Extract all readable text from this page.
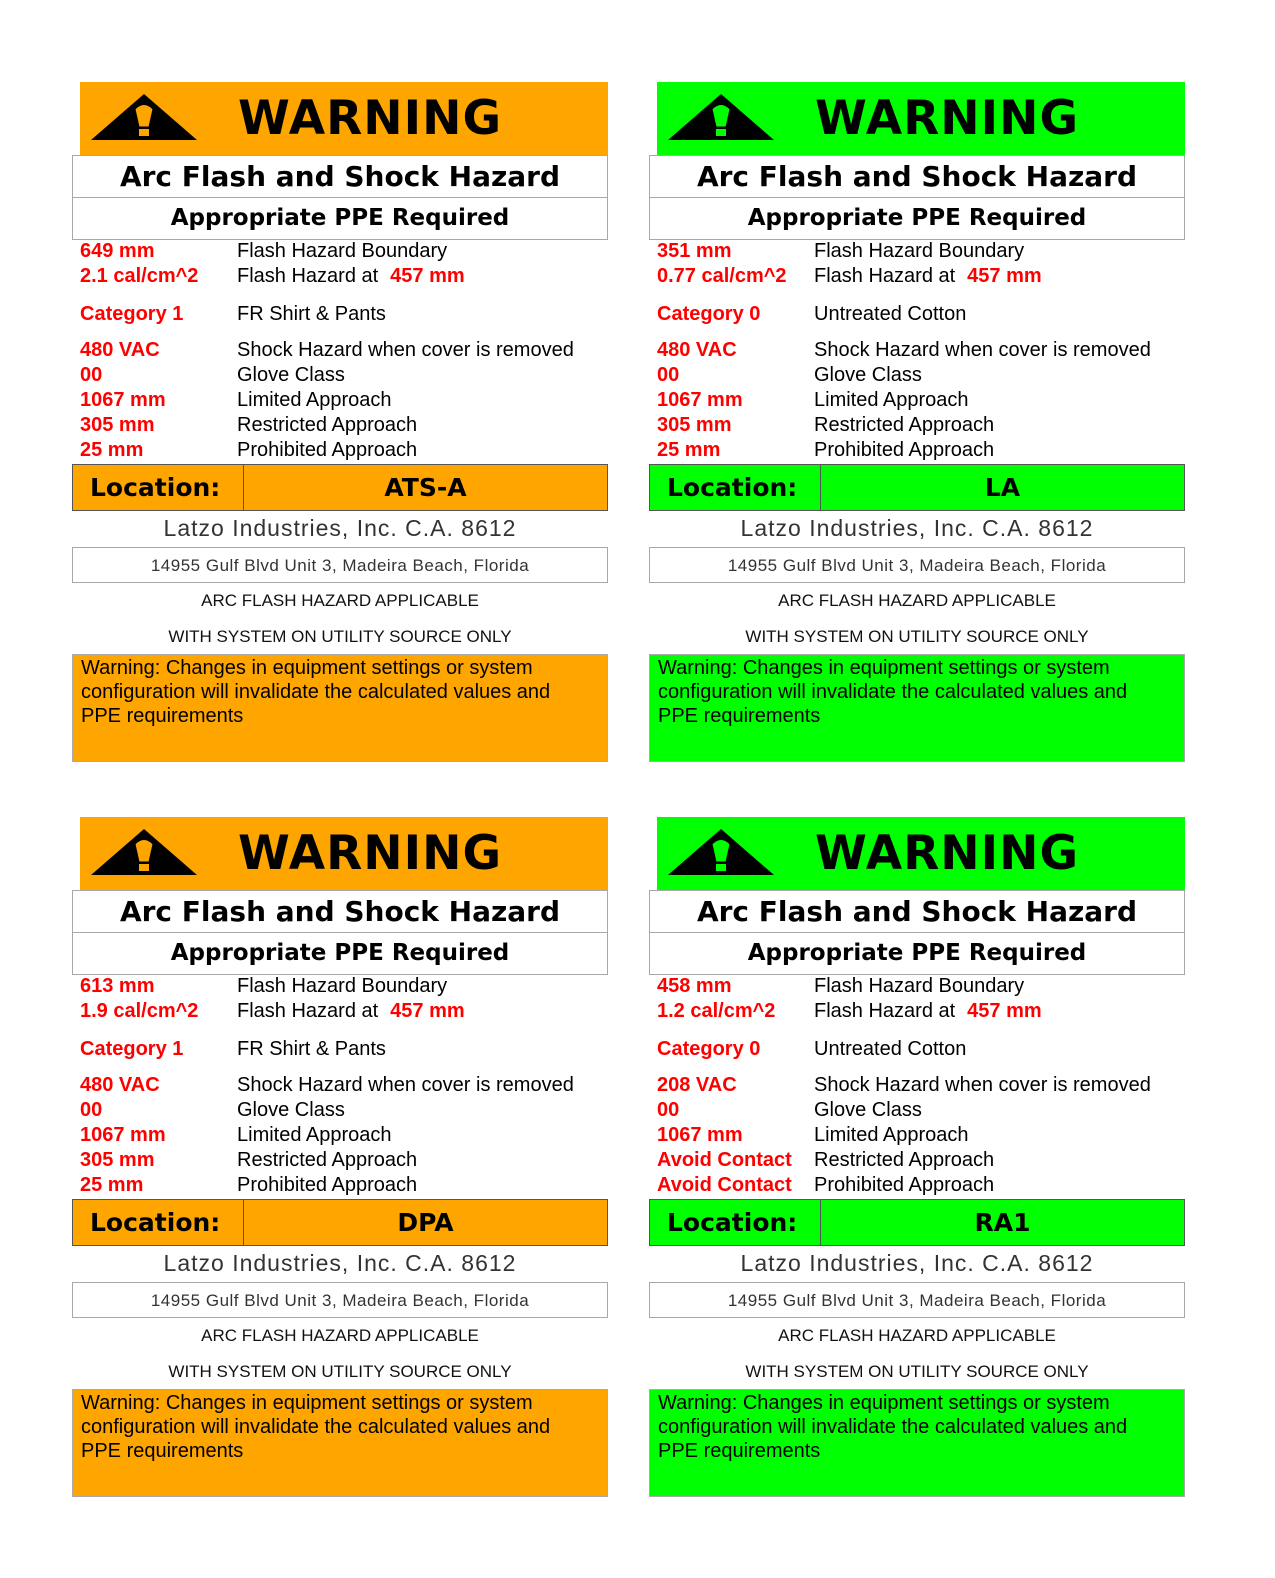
WARNING
Arc Flash and Shock Hazard
Appropriate PPE Required
649 mm	Flash Hazard Boundary
2.1 cal/cm^2 Flash Hazard at 457 mm
Category 1	FR Shirt & Pants
480 VAC	Shock Hazard when cover is removed
00	Glove Class
1067 mm	Limited Approach
305 mm	Restricted Approach
25 mm	Prohibited Approach
Location:	ATS-A
Latzo Industries, Inc. C.A. 8612
14955 Gulf Blvd Unit 3, Madeira Beach, Florida
ARC FLASH HAZARD APPLICABLE
WITH SYSTEM ON UTILITY SOURCE ONLY
Warning: Changes in equipment settings or system
configuration will invalidate the calculated values and
PPE requirements
WARNING
Arc Flash and Shock Hazard
Appropriate PPE Required
351 mm	Flash Hazard Boundary
0.77 cal/cm^2 Flash Hazard at 457 mm
Category 0	Untreated Cotton
480 VAC	Shock Hazard when cover is removed
00	Glove Class
1067 mm	Limited Approach
305 mm	Restricted Approach
25 mm	Prohibited Approach
Location:	LA
Latzo Industries, Inc. C.A. 8612
14955 Gulf Blvd Unit 3, Madeira Beach, Florida
ARC FLASH HAZARD APPLICABLE
WITH SYSTEM ON UTILITY SOURCE ONLY
Warning: Changes in equipment settings or system
configuration will invalidate the calculated values and
PPE requirements
WARNING
Arc Flash and Shock Hazard
Appropriate PPE Required
613 mm	Flash Hazard Boundary
1.9 cal/cm^2 Flash Hazard at 457 mm
Category 1	FR Shirt & Pants
480 VAC	Shock Hazard when cover is removed
00	Glove Class
1067 mm	Limited Approach
305 mm	Restricted Approach
25 mm	Prohibited Approach
Location:	DPA
Latzo Industries, Inc. C.A. 8612
14955 Gulf Blvd Unit 3, Madeira Beach, Florida
ARC FLASH HAZARD APPLICABLE
WITH SYSTEM ON UTILITY SOURCE ONLY
Warning: Changes in equipment settings or system
configuration will invalidate the calculated values and
PPE requirements
WARNING
Arc Flash and Shock Hazard
Appropriate PPE Required
458 mm	Flash Hazard Boundary
1.2 cal/cm^2 Flash Hazard at 457 mm
Category 0	Untreated Cotton
208 VAC	Shock Hazard when cover is removed
00	Glove Class
1067 mm	Limited Approach
Avoid Contact Restricted Approach
Avoid Contact Prohibited Approach
Location:	RA1
Latzo Industries, Inc. C.A. 8612
14955 Gulf Blvd Unit 3, Madeira Beach, Florida
ARC FLASH HAZARD APPLICABLE
WITH SYSTEM ON UTILITY SOURCE ONLY
Warning: Changes in equipment settings or system
configuration will invalidate the calculated values and
PPE requirements
